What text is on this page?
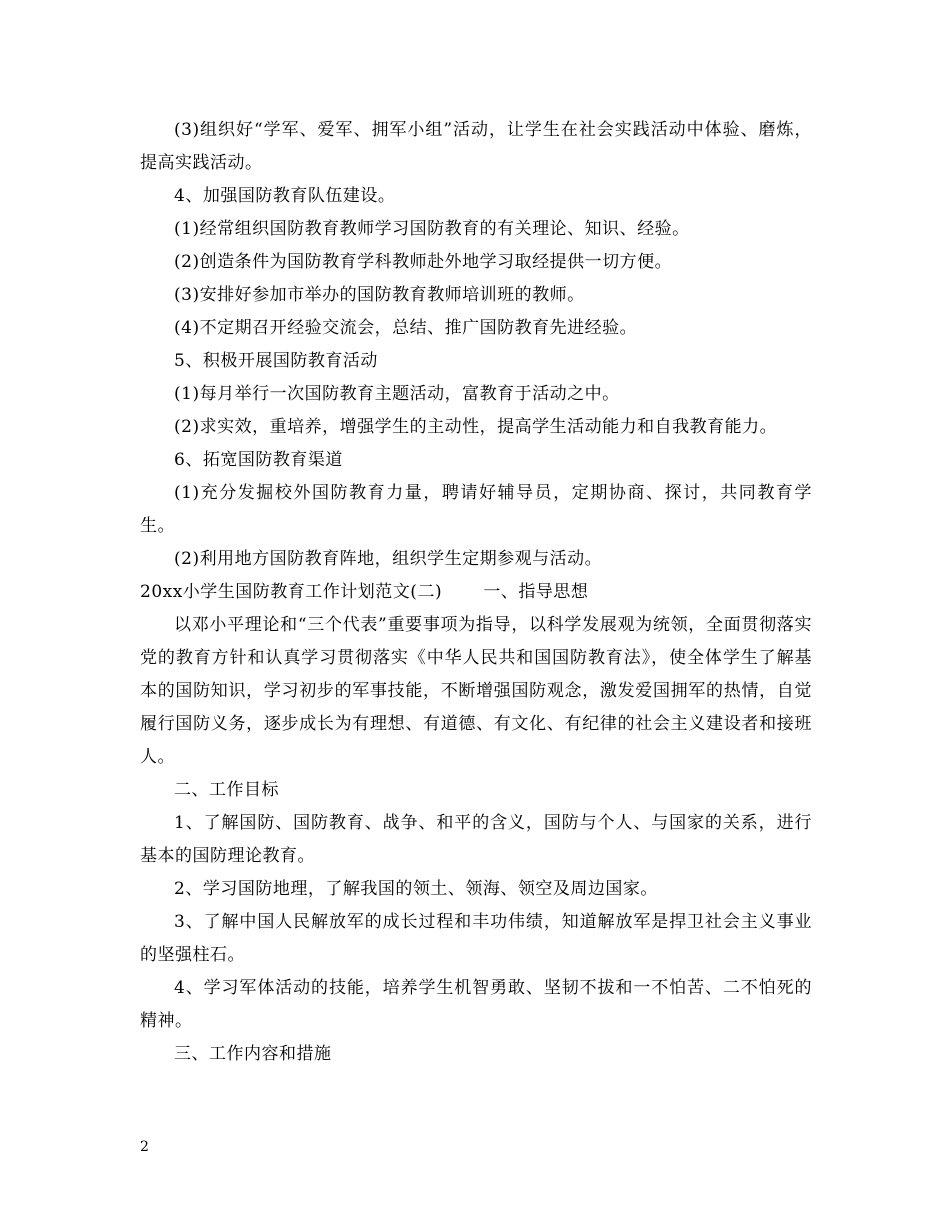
(3)组织好“学军、爱军、拥军小组”活动，让学生在社会实践活动中体验、磨炼，提高实践活动。

4、加强国防教育队伍建设。

(1)经常组织国防教育教师学习国防教育的有关理论、知识、经验。

(2)创造条件为国防教育学科教师赴外地学习取经提供一切方便。

(3)安排好参加市举办的国防教育教师培训班的教师。

(4)不定期召开经验交流会，总结、推广国防教育先进经验。

5、积极开展国防教育活动

(1)每月举行一次国防教育主题活动，富教育于活动之中。

(2)求实效，重培养，增强学生的主动性，提高学生活动能力和自我教育能力。

6、拓宽国防教育渠道

(1)充分发掘校外国防教育力量，聘请好辅导员，定期协商、探讨，共同教育学生。

(2)利用地方国防教育阵地，组织学生定期参观与活动。

20xx小学生国防教育工作计划范文(二)       一、指导思想

以邓小平理论和“三个代表”重要事项为指导，以科学发展观为统领，全面贯彻落实党的教育方针和认真学习贯彻落实《中华人民共和国国防教育法》，使全体学生了解基本的国防知识，学习初步的军事技能，不断增强国防观念，激发爱国拥军的热情，自觉履行国防义务，逐步成长为有理想、有道德、有文化、有纪律的社会主义建设者和接班人。

二、工作目标

1、了解国防、国防教育、战争、和平的含义，国防与个人、与国家的关系，进行基本的国防理论教育。

2、学习国防地理，了解我国的领土、领海、领空及周边国家。

3、了解中国人民解放军的成长过程和丰功伟绩，知道解放军是捍卫社会主义事业的坚强柱石。

4、学习军体活动的技能，培养学生机智勇敢、坚韧不拔和一不怕苦、二不怕死的精神。

三、工作内容和措施

2
